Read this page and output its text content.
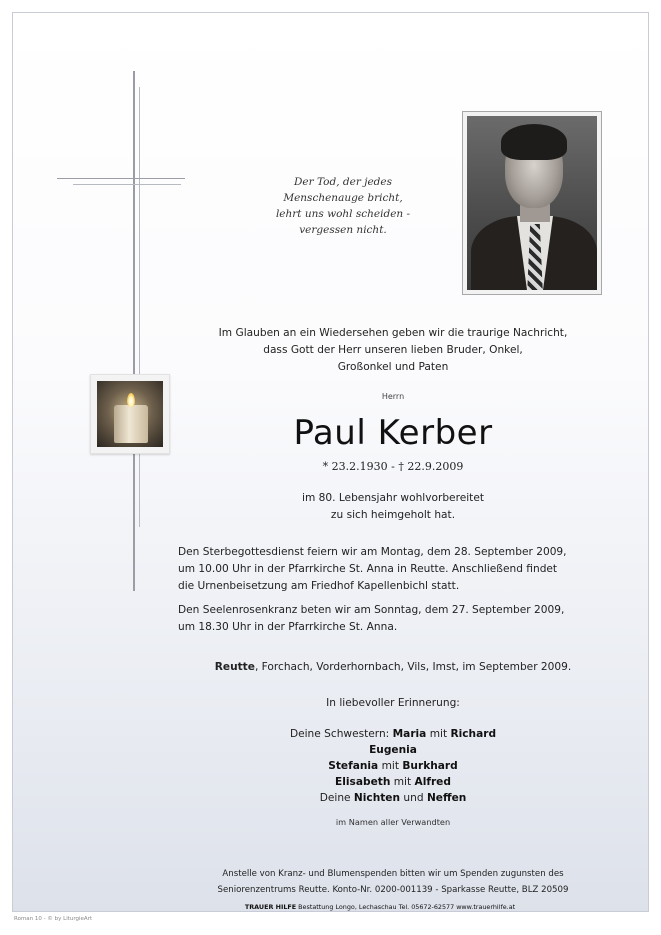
Der Tod, der jedes
Menschenauge bricht,
lehrt uns wohl scheiden -
vergessen nicht.
Im Glauben an ein Wiedersehen geben wir die traurige Nachricht,
dass Gott der Herr unseren lieben Bruder, Onkel,
Großonkel und Paten
Herrn
Paul Kerber
* 23.2.1930 - † 22.9.2009
im 80. Lebensjahr wohlvorbereitet
zu sich heimgeholt hat.
Den Sterbegottesdienst feiern wir am Montag, dem 28. September 2009,
um 10.00 Uhr in der Pfarrkirche St. Anna in Reutte. Anschließend findet
die Urnenbeisetzung am Friedhof Kapellenbichl statt.
Den Seelenrosenkranz beten wir am Sonntag, dem 27. September 2009,
um 18.30 Uhr in der Pfarrkirche St. Anna.
Reutte, Forchach, Vorderhornbach, Vils, Imst, im September 2009.
In liebevoller Erinnerung:
Deine Schwestern: Maria mit Richard
Eugenia
Stefania mit Burkhard
Elisabeth mit Alfred
Deine Nichten und Neffen
im Namen aller Verwandten
Anstelle von Kranz- und Blumenspenden bitten wir um Spenden zugunsten des
Seniorenzentrums Reutte. Konto-Nr. 0200-001139 - Sparkasse Reutte, BLZ 20509
TRAUER HILFE Bestattung Longo, Lechaschau Tel. 05672-62577 www.trauerhilfe.at
Roman 10 - © by LiturgieArt
